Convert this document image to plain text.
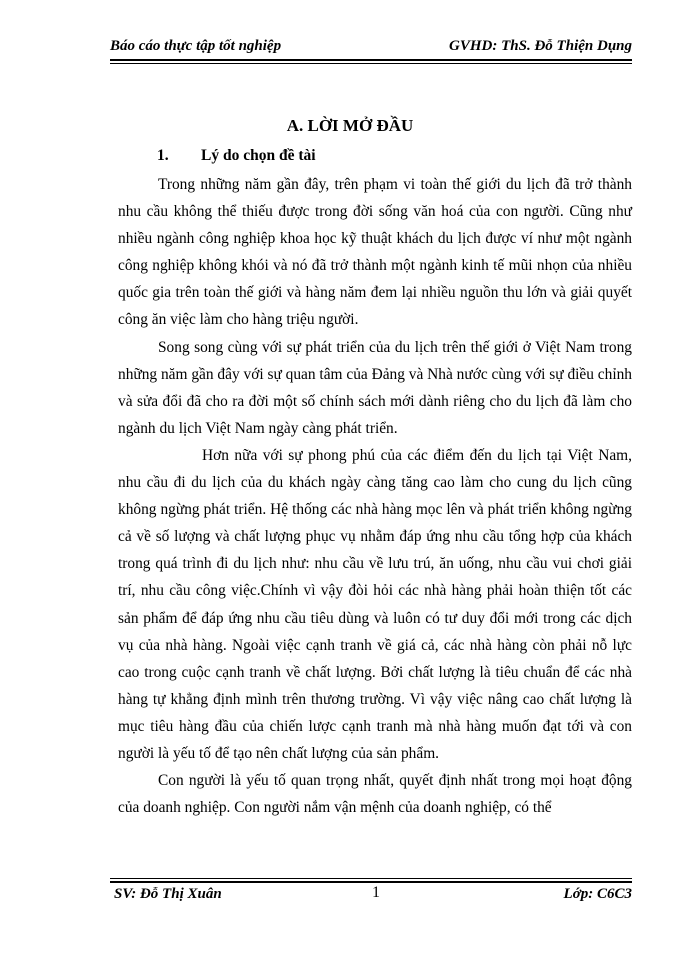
Báo cáo thực tập tốt nghiệp	GVHD: ThS. Đỗ Thiện Dụng
A. LỜI MỞ ĐẦU
1. Lý do chọn đề tài

Trong những năm gần đây, trên phạm vi toàn thế giới du lịch đã trở thành nhu cầu không thể thiếu được trong đời sống văn hoá của con người. Cũng như nhiều ngành công nghiệp khoa học kỹ thuật khách du lịch được ví như một ngành công nghiệp không khói và nó đã trở thành một ngành kinh tế mũi nhọn của nhiều quốc gia trên toàn thế giới và hàng năm đem lại nhiều nguồn thu lớn và giải quyết công ăn việc làm cho hàng triệu người.

Song song cùng với sự phát triển của du lịch trên thế giới ở Việt Nam trong những năm gần đây với sự quan tâm của Đảng và Nhà nước cùng với sự điều chỉnh và sửa đổi đã cho ra đời một số chính sách mới dành riêng cho du lịch đã làm cho ngành du lịch Việt Nam ngày càng phát triển.

Hơn nữa với sự phong phú của các điểm đến du lịch tại Việt Nam, nhu cầu đi du lịch của du khách ngày càng tăng cao làm cho cung du lịch cũng không ngừng phát triển. Hệ thống các nhà hàng mọc lên và phát triển không ngừng cả về số lượng và chất lượng phục vụ nhằm đáp ứng nhu cầu tổng hợp của khách trong quá trình đi du lịch như: nhu cầu về lưu trú, ăn uống, nhu cầu vui chơi giải trí, nhu cầu công việc.Chính vì vậy đòi hỏi các nhà hàng phải hoàn thiện tốt các sản phẩm để đáp ứng nhu cầu tiêu dùng và luôn có tư duy đổi mới trong các dịch vụ của nhà hàng. Ngoài việc cạnh tranh về giá cả, các nhà hàng còn phải nỗ lực cao trong cuộc cạnh tranh về chất lượng. Bởi chất lượng là tiêu chuẩn để các nhà hàng tự khẳng định mình trên thương trường. Vì vậy việc nâng cao chất lượng là mục tiêu hàng đầu của chiến lược cạnh tranh mà nhà hàng muốn đạt tới và con người là yếu tố để tạo nên chất lượng của sản phẩm.

Con người là yếu tố quan trọng nhất, quyết định nhất trong mọi hoạt động của doanh nghiệp. Con người nắm vận mệnh của doanh nghiệp, có thể

SV: Đỗ Thị Xuân	1	Lớp: C6C3
